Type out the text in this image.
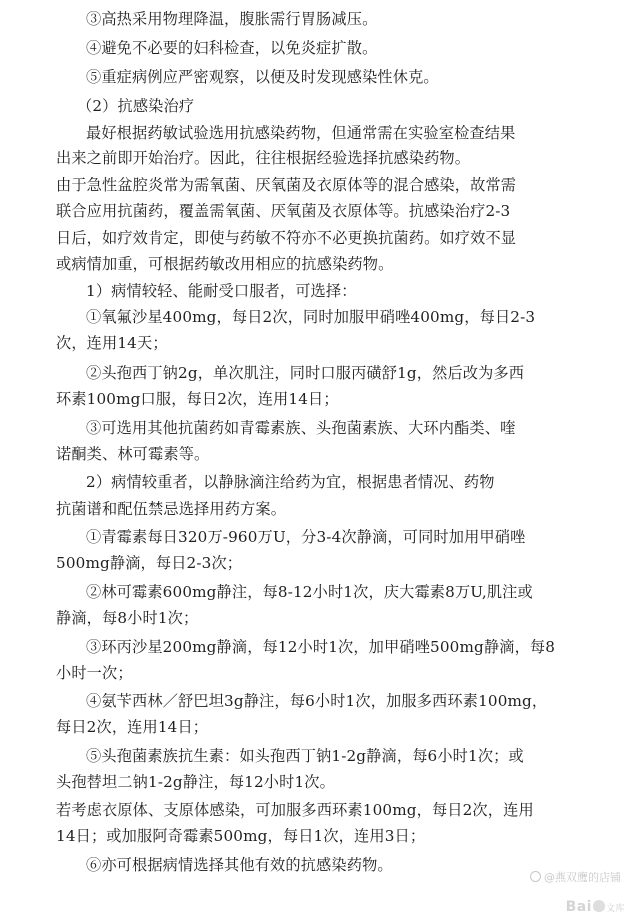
③高热采用物理降温，腹胀需行胃肠减压。
④避免不必要的妇科检查，以免炎症扩散。
⑤重症病例应严密观察，以便及时发现感染性休克。
（2）抗感染治疗
最好根据药敏试验选用抗感染药物，但通常需在实验室检查结果
出来之前即开始治疗。因此，往往根据经验选择抗感染药物。
由于急性盆腔炎常为需氧菌、厌氧菌及衣原体等的混合感染，故常需
联合应用抗菌药，覆盖需氧菌、厌氧菌及衣原体等。抗感染治疗2-3
日后，如疗效肯定，即使与药敏不符亦不必更换抗菌药。如疗效不显
或病情加重，可根据药敏改用相应的抗感染药物。
1）病情较轻、能耐受口服者，可选择：
①氧氟沙星400mg，每日2次，同时加服甲硝唑400mg，每日2-3
次，连用14天；
②头孢西丁钠2g，单次肌注，同时口服丙磺舒1g，然后改为多西
环素100mg口服，每日2次，连用14日；
③可选用其他抗菌药如青霉素族、头孢菌素族、大环内酯类、喹
诺酮类、林可霉素等。
2）病情较重者，以静脉滴注给药为宜，根据患者情况、药物
抗菌谱和配伍禁忌选择用药方案。
①青霉素每日320万-960万U，分3-4次静滴，可同时加用甲硝唑
500mg静滴，每日2-3次；
②林可霉素600mg静注，每8-12小时1次，庆大霉素8万U,肌注或
静滴，每8小时1次；
③环丙沙星200mg静滴，每12小时1次，加甲硝唑500mg静滴，每8
小时一次；
④氨苄西林／舒巴坦3g静注，每6小时1次，加服多西环素100mg，
每日2次，连用14日；
⑤头孢菌素族抗生素：如头孢西丁钠1-2g静滴，每6小时1次；或
头孢替坦二钠1-2g静注，每12小时1次。
若考虑衣原体、支原体感染，可加服多西环素100mg，每日2次，连用
14日；或加服阿奇霉素500mg，每日1次，连用3日；
⑥亦可根据病情选择其他有效的抗感染药物。
@燕双鹰的店铺
Bai 文库
